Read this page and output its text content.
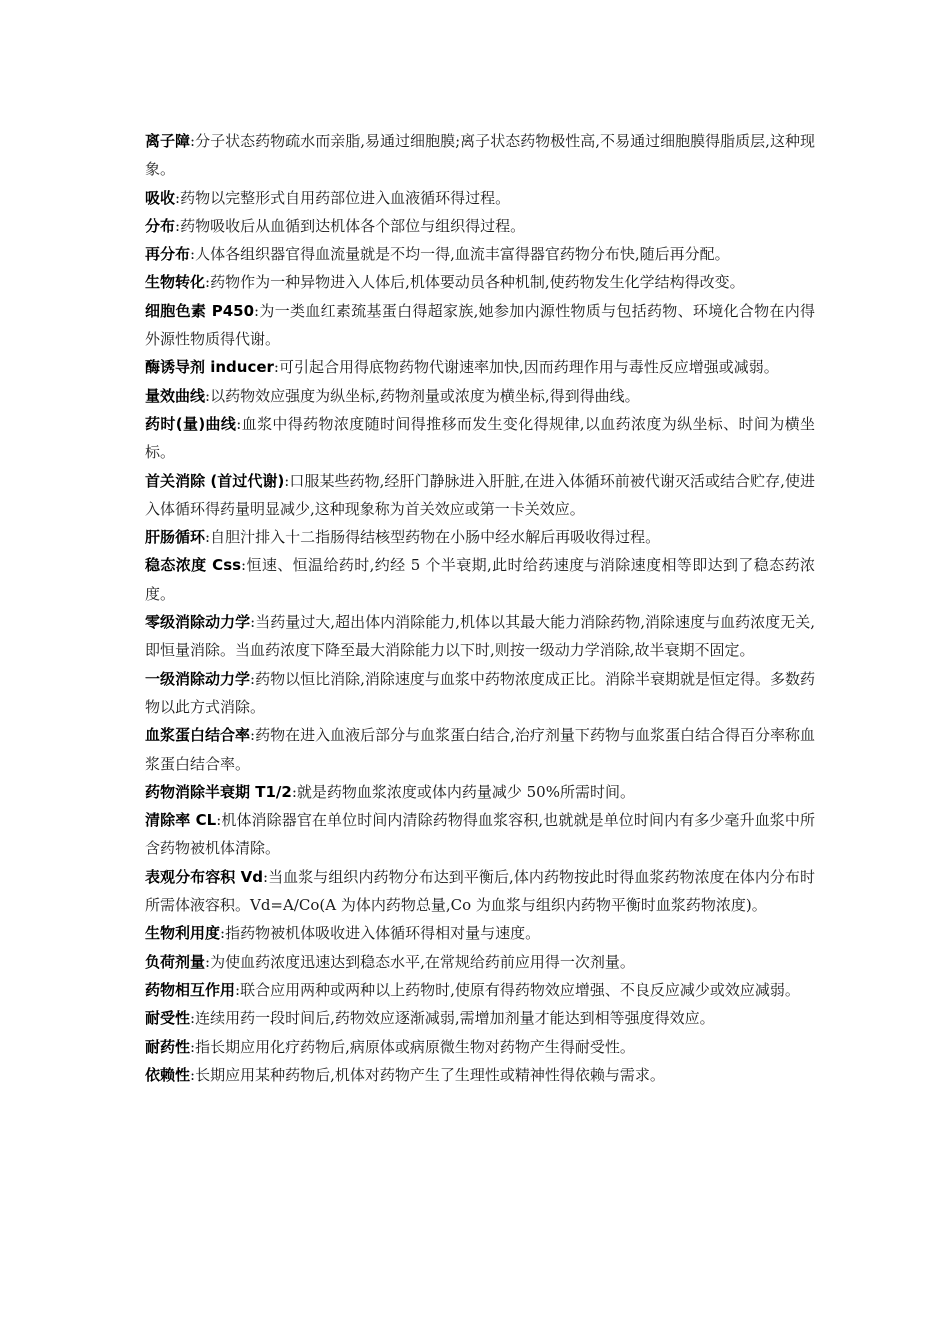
离子障:分子状态药物疏水而亲脂,易通过细胞膜;离子状态药物极性高,不易通过细胞膜得脂质层,这种现象。

吸收:药物以完整形式自用药部位进入血液循环得过程。

分布:药物吸收后从血循到达机体各个部位与组织得过程。

再分布:人体各组织器官得血流量就是不均一得,血流丰富得器官药物分布快,随后再分配。

生物转化:药物作为一种异物进入人体后,机体要动员各种机制,使药物发生化学结构得改变。

细胞色素 P450:为一类血红素巯基蛋白得超家族,她参加内源性物质与包括药物、环境化合物在内得外源性物质得代谢。

酶诱导剂 inducer:可引起合用得底物药物代谢速率加快,因而药理作用与毒性反应增强或减弱。

量效曲线:以药物效应强度为纵坐标,药物剂量或浓度为横坐标,得到得曲线。

药时(量)曲线:血浆中得药物浓度随时间得推移而发生变化得规律,以血药浓度为纵坐标、时间为横坐标。

首关消除 (首过代谢):口服某些药物,经肝门静脉进入肝脏,在进入体循环前被代谢灭活或结合贮存,使进入体循环得药量明显减少,这种现象称为首关效应或第一卡关效应。

肝肠循环:自胆汁排入十二指肠得结核型药物在小肠中经水解后再吸收得过程。

稳态浓度 Css:恒速、恒温给药时,约经 5 个半衰期,此时给药速度与消除速度相等即达到了稳态药浓度。

零级消除动力学:当药量过大,超出体内消除能力,机体以其最大能力消除药物,消除速度与血药浓度无关,即恒量消除。当血药浓度下降至最大消除能力以下时,则按一级动力学消除,故半衰期不固定。

一级消除动力学:药物以恒比消除,消除速度与血浆中药物浓度成正比。消除半衰期就是恒定得。多数药物以此方式消除。

血浆蛋白结合率:药物在进入血液后部分与血浆蛋白结合,治疗剂量下药物与血浆蛋白结合得百分率称血浆蛋白结合率。

药物消除半衰期 T1/2:就是药物血浆浓度或体内药量减少 50%所需时间。

清除率 CL:机体消除器官在单位时间内清除药物得血浆容积,也就就是单位时间内有多少毫升血浆中所含药物被机体清除。

表观分布容积 Vd:当血浆与组织内药物分布达到平衡后,体内药物按此时得血浆药物浓度在体内分布时所需体液容积。Vd=A/Co(A 为体内药物总量,Co 为血浆与组织内药物平衡时血浆药物浓度)。

生物利用度:指药物被机体吸收进入体循环得相对量与速度。

负荷剂量:为使血药浓度迅速达到稳态水平,在常规给药前应用得一次剂量。

药物相互作用:联合应用两种或两种以上药物时,使原有得药物效应增强、不良反应减少或效应减弱。

耐受性:连续用药一段时间后,药物效应逐渐减弱,需增加剂量才能达到相等强度得效应。

耐药性:指长期应用化疗药物后,病原体或病原微生物对药物产生得耐受性。

依赖性:长期应用某种药物后,机体对药物产生了生理性或精神性得依赖与需求。
